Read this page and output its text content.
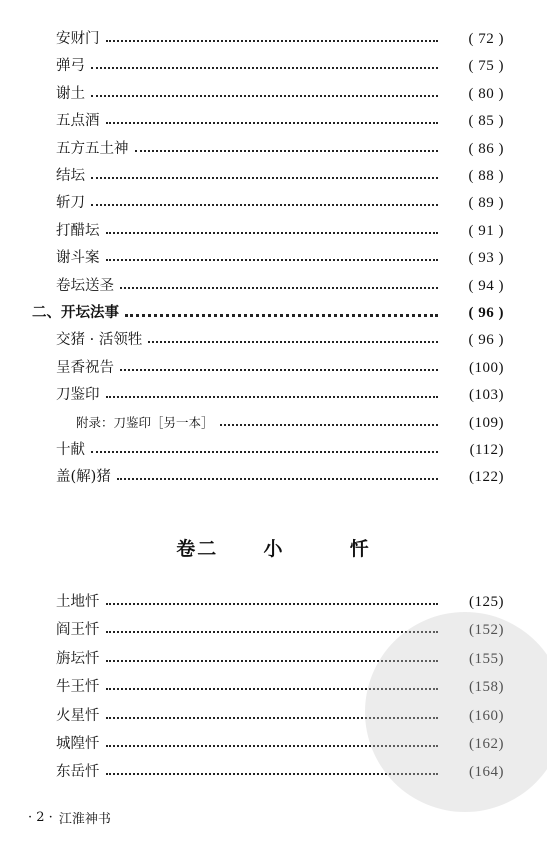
安财门	( 72 )
弹弓	( 75 )
谢土	( 80 )
五点酒	( 85 )
五方五土神	( 86 )
结坛	( 88 )
斩刀	( 89 )
打醋坛	( 91 )
谢斗案	( 93 )
卷坛送圣	( 94 )
二、开坛法事	( 96 )
交猪 · 活领牲	( 96 )
呈香祝告	(100)
刀鉴印	(103)
附录：刀鉴印［另一本］	(109)
十献	(112)
盖(解)猪	(122)
卷二 小	忏
土地忏	(125)
阎王忏	(152)
旃坛忏	(155)
牛王忏	(158)
火星忏	(160)
城隍忏	(162)
东岳忏	(164)
· 2 · 江淮神书
